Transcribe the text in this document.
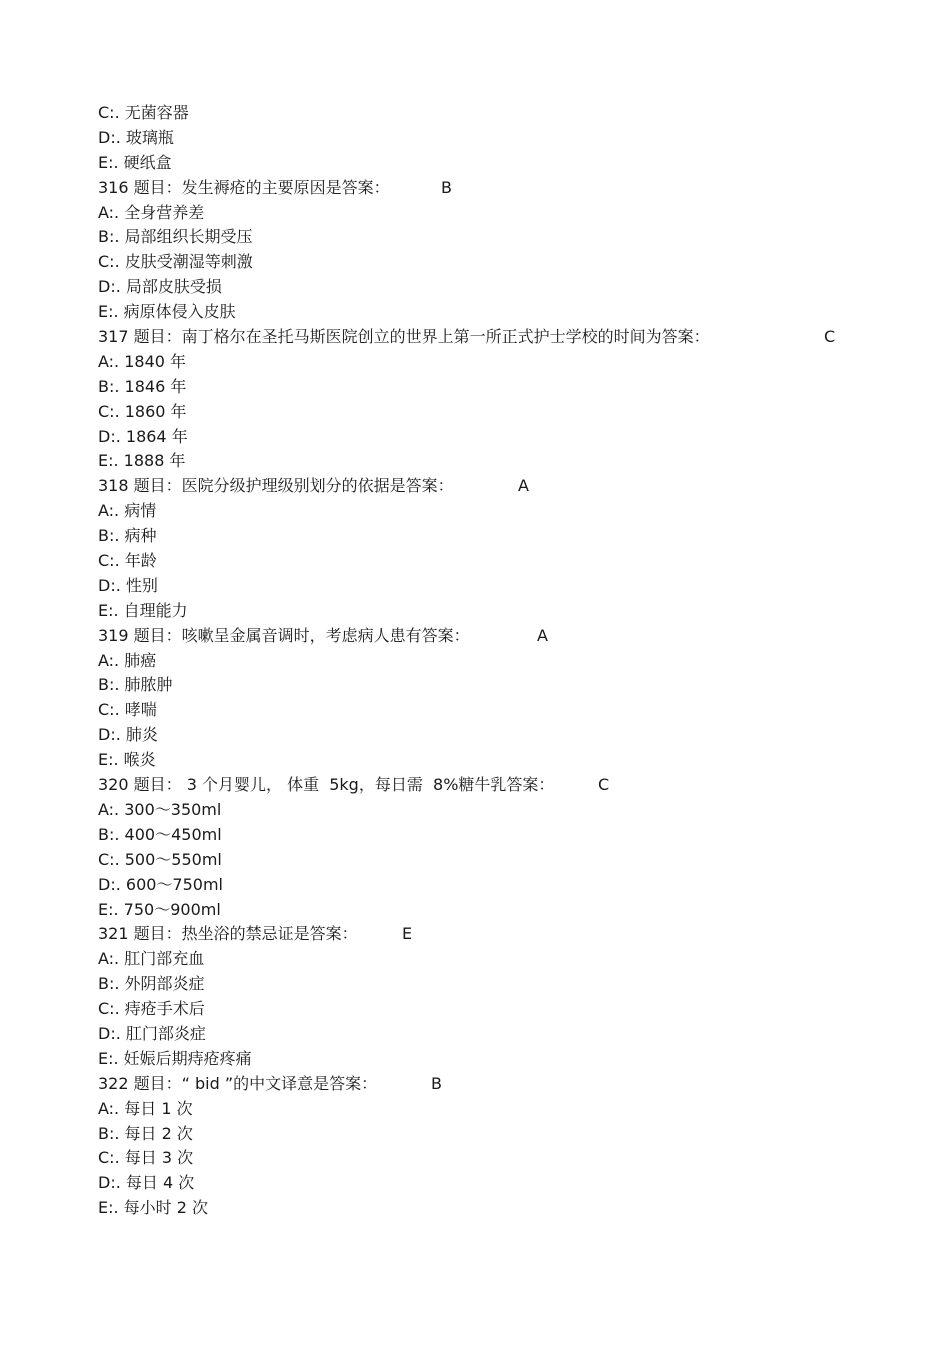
C:. 无菌容器
D:. 玻璃瓶
E:. 硬纸盒
316 题目：发生褥疮的主要原因是答案：	B
A:. 全身营养差
B:. 局部组织长期受压
C:. 皮肤受潮湿等刺激
D:. 局部皮肤受损
E:. 病原体侵入皮肤
317 题目：南丁格尔在圣托马斯医院创立的世界上第一所正式护士学校的时间为答案：	C
A:. 1840 年
B:. 1846 年
C:. 1860 年
D:. 1864 年
E:. 1888 年
318 题目：医院分级护理级别划分的依据是答案：	A
A:. 病情
B:. 病种
C:. 年龄
D:. 性别
E:. 自理能力
319 题目：咳嗽呈金属音调时，考虑病人患有答案：	A
A:. 肺癌
B:. 肺脓肿
C:. 哮喘
D:. 肺炎
E:. 喉炎
320 题目： 3 个月婴儿， 体重  5kg，每日需  8%糖牛乳答案：	C
A:. 300～350ml
B:. 400～450ml
C:. 500～550ml
D:. 600～750ml
E:. 750～900ml
321 题目：热坐浴的禁忌证是答案：	E
A:. 肛门部充血
B:. 外阴部炎症
C:. 痔疮手术后
D:. 肛门部炎症
E:. 妊娠后期痔疮疼痛
322 题目：“ bid ”的中文译意是答案：	B
A:. 每日 1 次
B:. 每日 2 次
C:. 每日 3 次
D:. 每日 4 次
E:. 每小时 2 次
